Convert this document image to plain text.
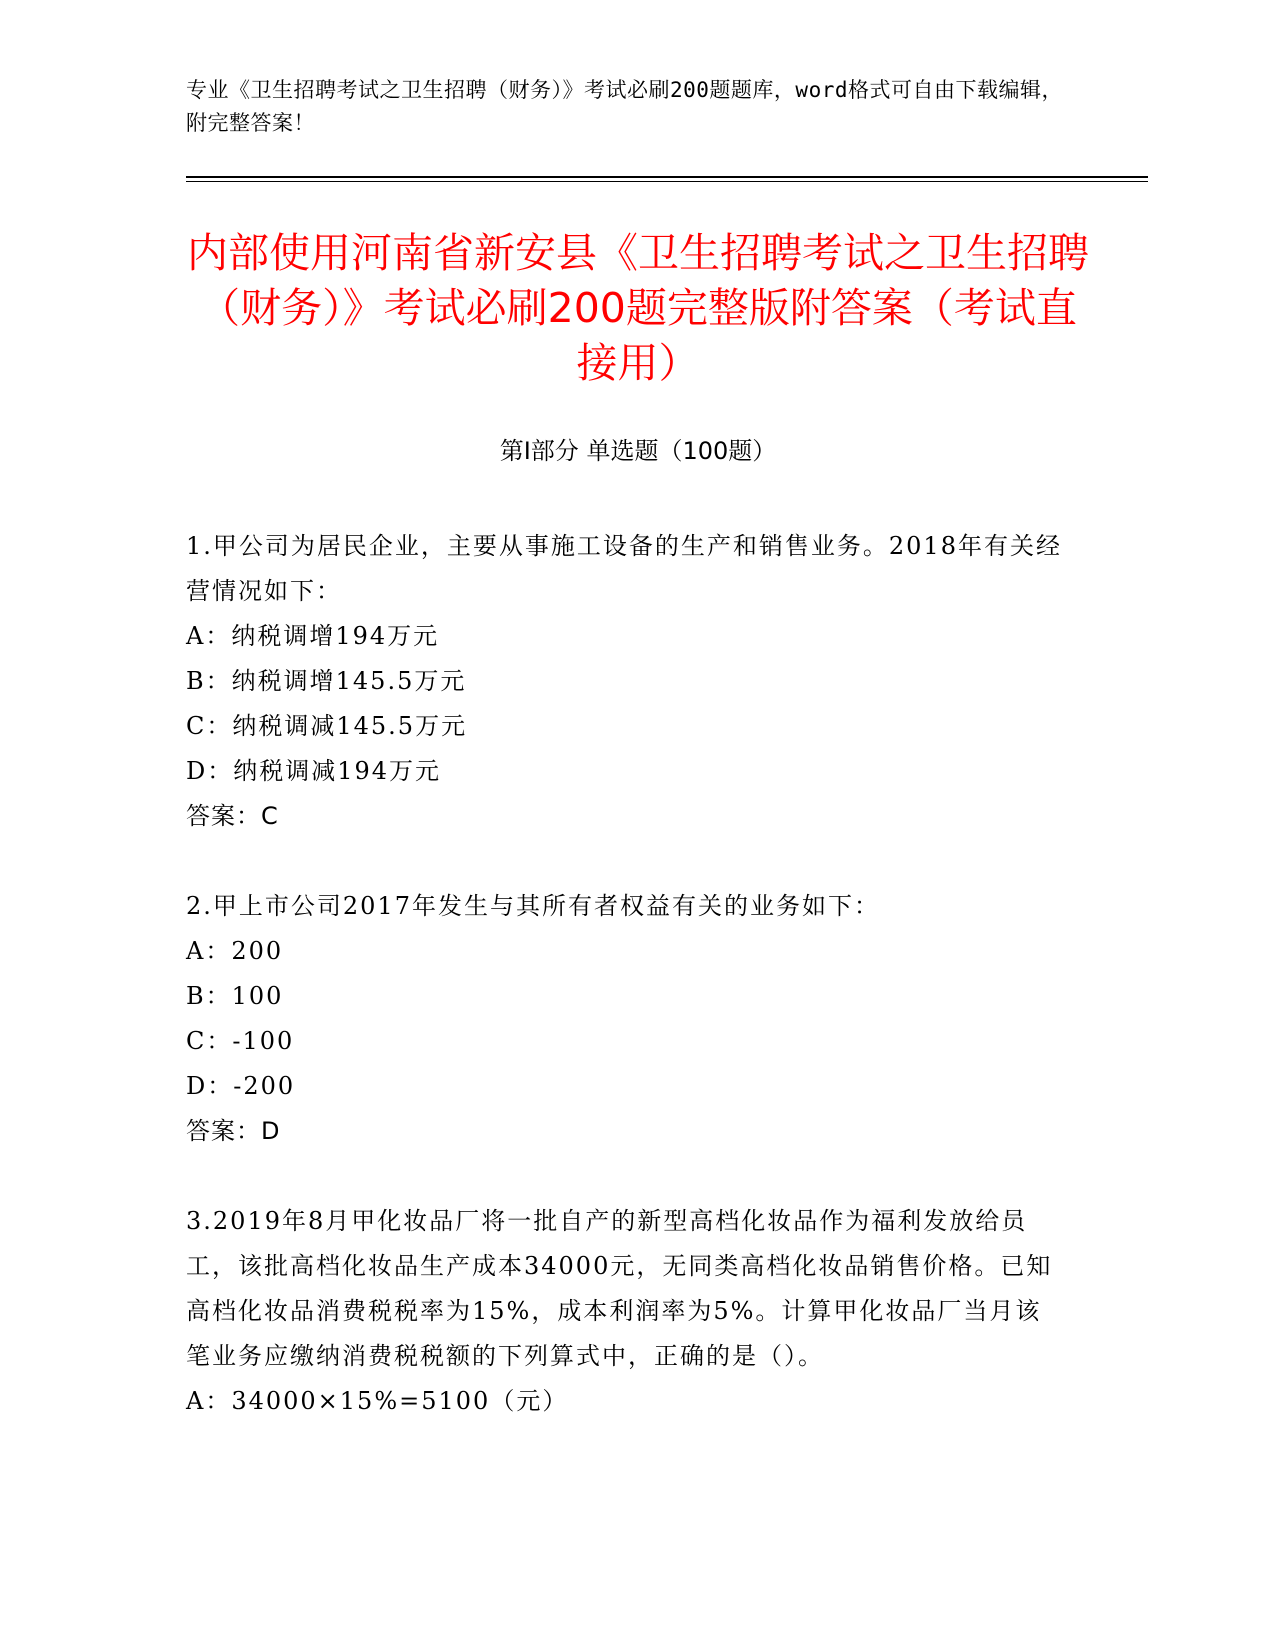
专业《卫生招聘考试之卫生招聘（财务）》考试必刷200题题库，word格式可自由下载编辑，附完整答案！
内部使用河南省新安县《卫生招聘考试之卫生招聘（财务）》考试必刷200题完整版附答案（考试直接用）
第I部分 单选题（100题）

1.甲公司为居民企业，主要从事施工设备的生产和销售业务。2018年有关经营情况如下：

A：纳税调增194万元

B：纳税调增145.5万元

C：纳税调减145.5万元

D：纳税调减194万元

答案：C

2.甲上市公司2017年发生与其所有者权益有关的业务如下：

A：200

B：100

C：-100

D：-200

答案：D

3.2019年8月甲化妆品厂将一批自产的新型高档化妆品作为福利发放给员工，该批高档化妆品生产成本34000元，无同类高档化妆品销售价格。已知高档化妆品消费税税率为15%，成本利润率为5%。计算甲化妆品厂当月该笔业务应缴纳消费税税额的下列算式中，正确的是（）。

A：34000×15%=5100（元）
